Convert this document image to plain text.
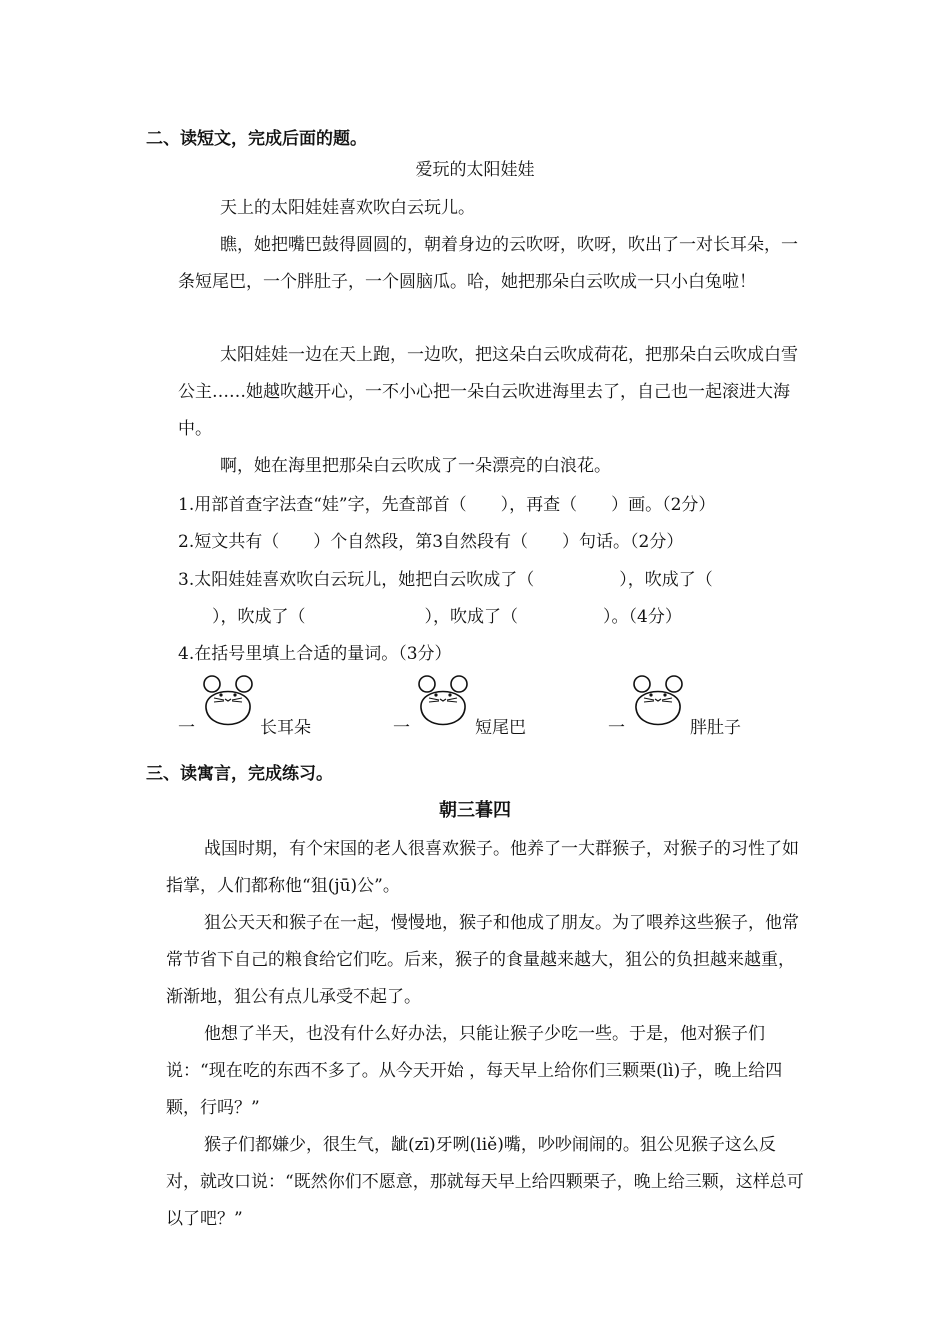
二、读短文，完成后面的题。
爱玩的太阳娃娃

天上的太阳娃娃喜欢吹白云玩儿。

瞧，她把嘴巴鼓得圆圆的，朝着身边的云吹呀，吹呀，吹出了一对长耳朵，一条短尾巴，一个胖肚子，一个圆脑瓜。哈，她把那朵白云吹成一只小白兔啦！

太阳娃娃一边在天上跑，一边吹，把这朵白云吹成荷花，把那朵白云吹成白雪公主……她越吹越开心，一不小心把一朵白云吹进海里去了，自己也一起滚进大海中。

啊，她在海里把那朵白云吹成了一朵漂亮的白浪花。

1.用部首查字法查“娃”字，先查部首（　　），再查（　　）画。（2分）
2.短文共有（　　）个自然段，第3自然段有（　　）句话。（2分）
3.太阳娃娃喜欢吹白云玩儿，她把白云吹成了（　　　　　），吹成了（
　　），吹成了（　　　　　　　），吹成了（　　　　　）。（4分）
4.在括号里填上合适的量词。（3分）
一	长耳朵	一	短尾巴	一	胖肚子
三、读寓言，完成练习。
朝三暮四

战国时期，有个宋国的老人很喜欢猴子。他养了一大群猴子，对猴子的习性了如指掌，人们都称他“狙(jū)公”。

狙公天天和猴子在一起，慢慢地，猴子和他成了朋友。为了喂养这些猴子，他常常节省下自己的粮食给它们吃。后来，猴子的食量越来越大，狙公的负担越来越重，渐渐地，狙公有点儿承受不起了。

他想了半天，也没有什么好办法，只能让猴子少吃一些。于是，他对猴子们说：“现在吃的东西不多了。从今天开始 ，每天早上给你们三颗栗(lì)子，晚上给四颗，行吗？”

猴子们都嫌少，很生气，龇(zī)牙咧(liě)嘴，吵吵闹闹的。狙公见猴子这么反对，就改口说：“既然你们不愿意，那就每天早上给四颗栗子，晚上给三颗，这样总可以了吧？”
